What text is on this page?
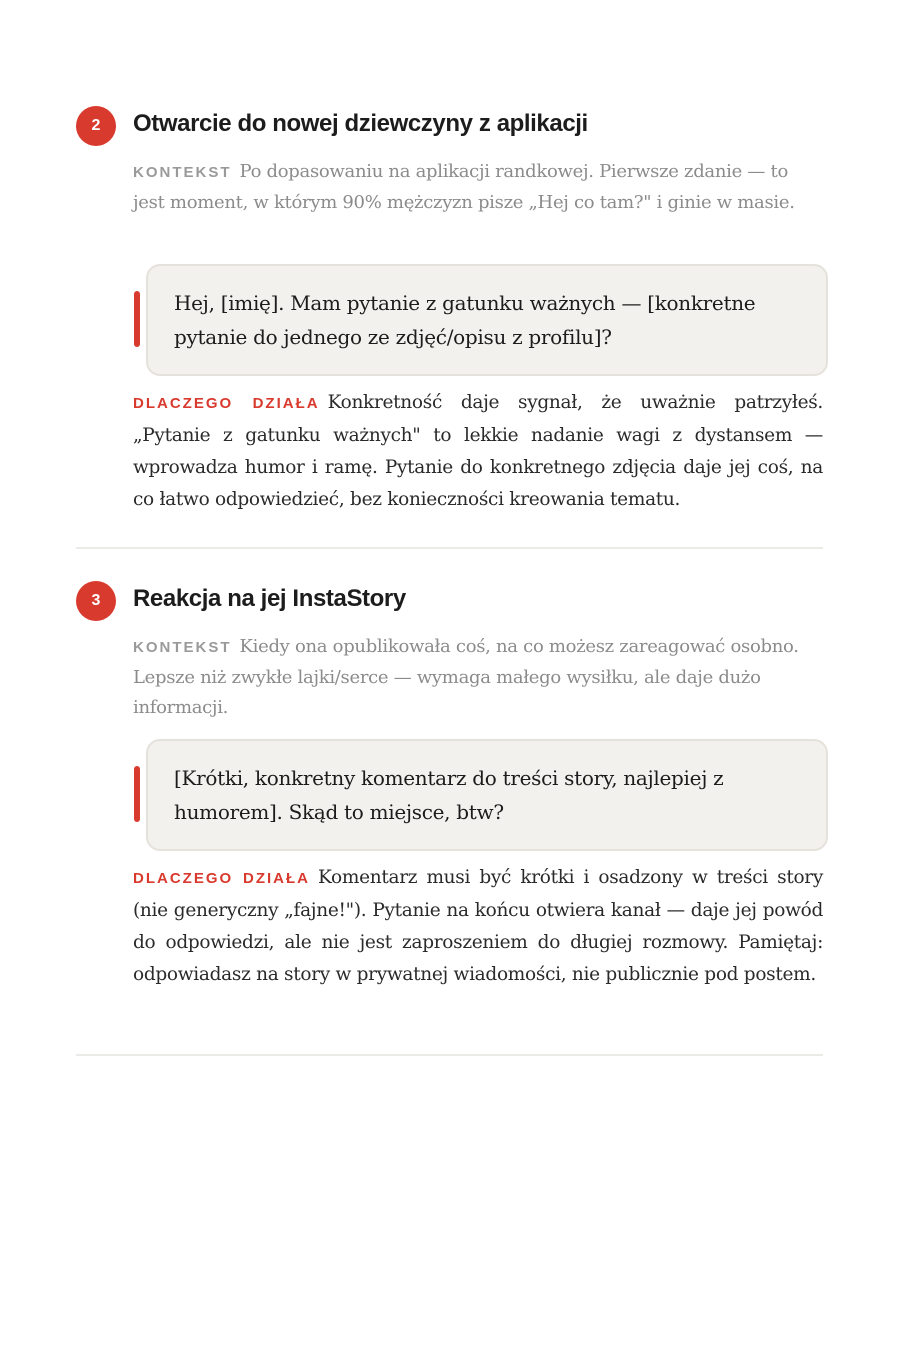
2	Otwarcie do nowej dziewczyny z aplikacji

KONTEKST Po dopasowaniu na aplikacji randkowej. Pierwsze zdanie — to jest moment, w którym 90% mężczyzn pisze „Hej co tam?" i ginie w masie.

Hej, [imię]. Mam pytanie z gatunku ważnych — [konkretne pytanie do jednego ze zdjęć/opisu z profilu]?

DLACZEGO DZIAŁA Konkretność daje sygnał, że uważnie patrzyłeś. „Pytanie z gatunku ważnych" to lekkie nadanie wagi z dystansem — wprowadza humor i ramę. Pytanie do konkretnego zdjęcia daje jej coś, na co łatwo odpowiedzieć, bez konieczności kreowania tematu.

3	Reakcja na jej InstaStory

KONTEKST Kiedy ona opublikowała coś, na co możesz zareagować osobno. Lepsze niż zwykłe lajki/serce — wymaga małego wysiłku, ale daje dużo informacji.

[Krótki, konkretny komentarz do treści story, najlepiej z humorem]. Skąd to miejsce, btw?

DLACZEGO DZIAŁA Komentarz musi być krótki i osadzony w treści story (nie generyczny „fajne!"). Pytanie na końcu otwiera kanał — daje jej powód do odpowiedzi, ale nie jest zaproszeniem do długiej rozmowy. Pamiętaj: odpowiadasz na story w prywatnej wiadomości, nie publicznie pod postem.
